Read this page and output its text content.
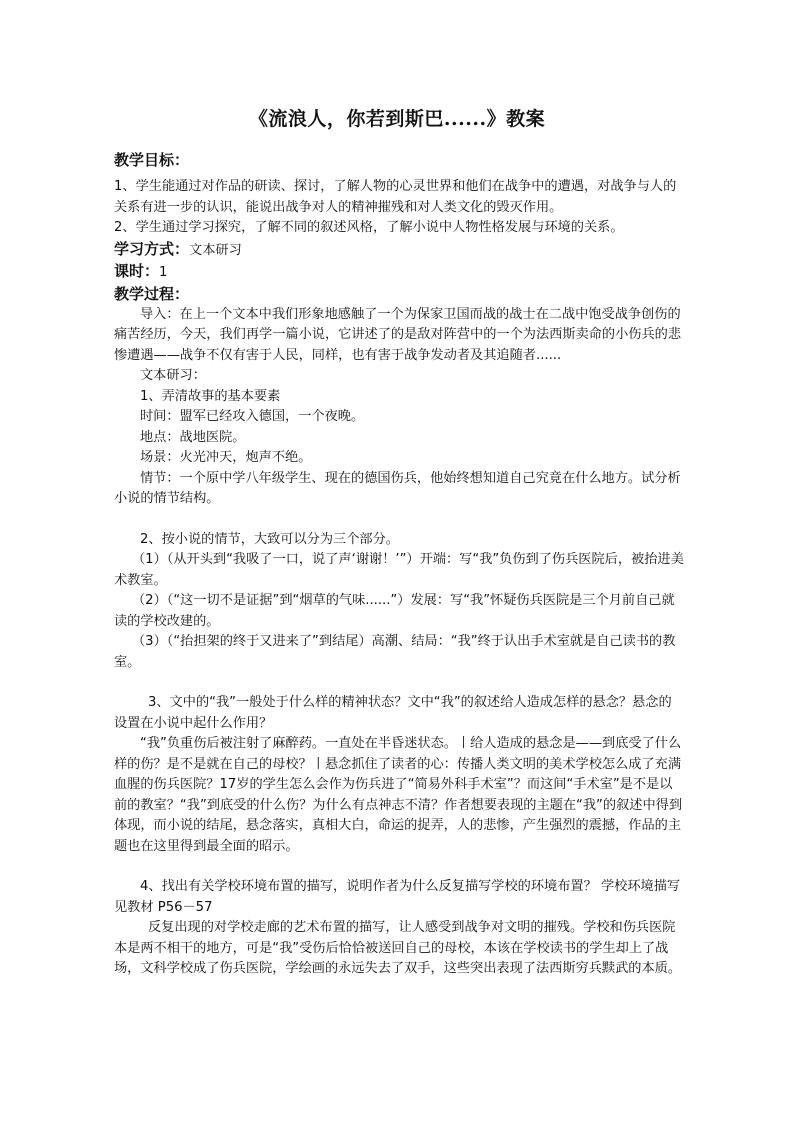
《流浪人，你若到斯巴......》教案

教学目标：

1、学生能通过对作品的研读、探讨，了解人物的心灵世界和他们在战争中的遭遇，对战争与人的关系有进一步的认识，能说出战争对人的精神摧残和对人类文化的毁灭作用。

2、学生通过学习探究，了解不同的叙述风格，了解小说中人物性格发展与环境的关系。

学习方式：文本研习

课时：1

教学过程：

导入：在上一个文本中我们形象地感触了一个为保家卫国而战的战士在二战中饱受战争创伤的痛苦经历，今天，我们再学一篇小说，它讲述了的是敌对阵营中的一个为法西斯卖命的小伤兵的悲惨遭遇——战争不仅有害于人民，同样，也有害于战争发动者及其追随者......

文本研习：

1、弄清故事的基本要素

时间：盟军已经攻入德国，一个夜晚。

地点：战地医院。

场景：火光冲天，炮声不绝。

情节：一个原中学八年级学生、现在的德国伤兵，他始终想知道自己究竟在什么地方。试分析小说的情节结构。

2、按小说的情节，大致可以分为三个部分。

（1）（从开头到“我吸了一口，说了声‘谢谢！’”）开端：写“我”负伤到了伤兵医院后，被抬进美术教室。

（2）（“这一切不是证据”到“烟草的气味......”）发展：写“我”怀疑伤兵医院是三个月前自己就读的学校改建的。

（3）（“抬担架的终于又进来了”到结尾）高潮、结局：“我”终于认出手术室就是自己读书的教室。

3、文中的“我”一般处于什么样的精神状态？文中“我”的叙述给人造成怎样的悬念？悬念的设置在小说中起什么作用？

“我”负重伤后被注射了麻醉药。一直处在半昏迷状态。丨给人造成的悬念是——到底受了什么样的伤？是不是就在自己的母校？丨悬念抓住了读者的心：传播人类文明的美术学校怎么成了充满血腥的伤兵医院？17岁的学生怎么会作为伤兵进了“简易外科手术室”？而这间“手术室”是不是以前的教室？“我”到底受的什么伤？为什么有点神志不清？作者想要表现的主题在“我”的叙述中得到体现，而小说的结尾，悬念落实，真相大白，命运的捉弄，人的悲惨，产生强烈的震撼，作品的主题也在这里得到最全面的昭示。

4、找出有关学校环境布置的描写，说明作者为什么反复描写学校的环境布置？ 学校环境描写见教材 P56－57

反复出现的对学校走廊的艺术布置的描写，让人感受到战争对文明的摧残。学校和伤兵医院本是两不相干的地方，可是“我”受伤后恰恰被送回自己的母校，本该在学校读书的学生却上了战场，文科学校成了伤兵医院，学绘画的永远失去了双手，这些突出表现了法西斯穷兵黩武的本质。
